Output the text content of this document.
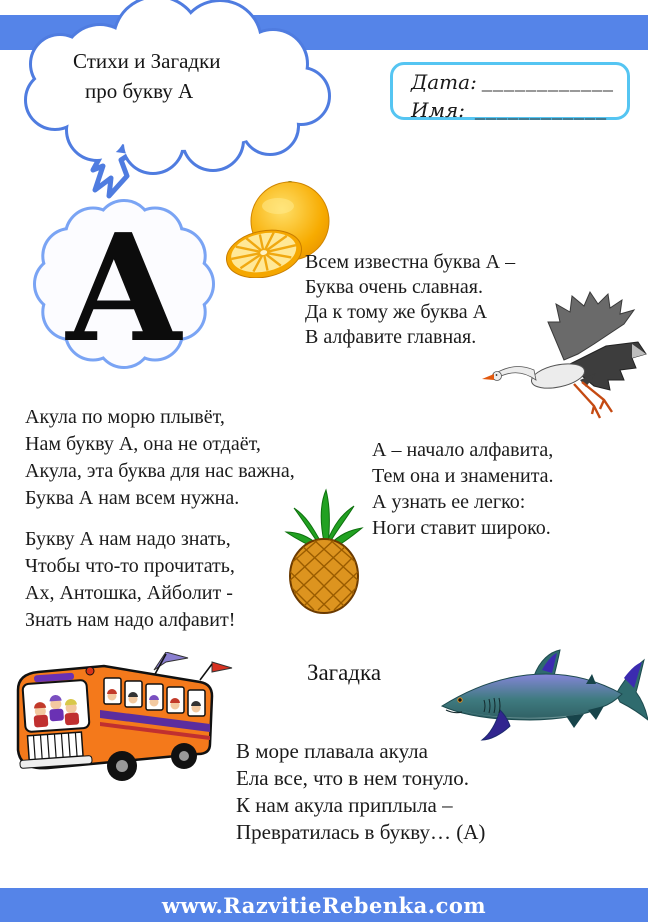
Стихи и Загадки
про букву А	Дата: ____________
Имя: ____________
А	Всем известна буква А –
Буква очень славная.
Да к тому же буква А
В алфавите главная.
Акула по морю плывёт,
Нам букву А, она не отдаёт,
Акула, эта буква для нас важна,
Буква А нам всем нужна.
Букву А нам надо знать,
Чтобы что-то прочитать,
Ах, Антошка, Айболит -
Знать нам надо алфавит!
А – начало алфавита,
Тем она и знаменита.
А узнать ее легко:
Ноги ставит широко.
Загадка
В море плавала акула
Ела все, что в нем тонуло.
К нам акула приплыла –
Превратилась в букву… (А)
www.RazvitieRebenka.com
